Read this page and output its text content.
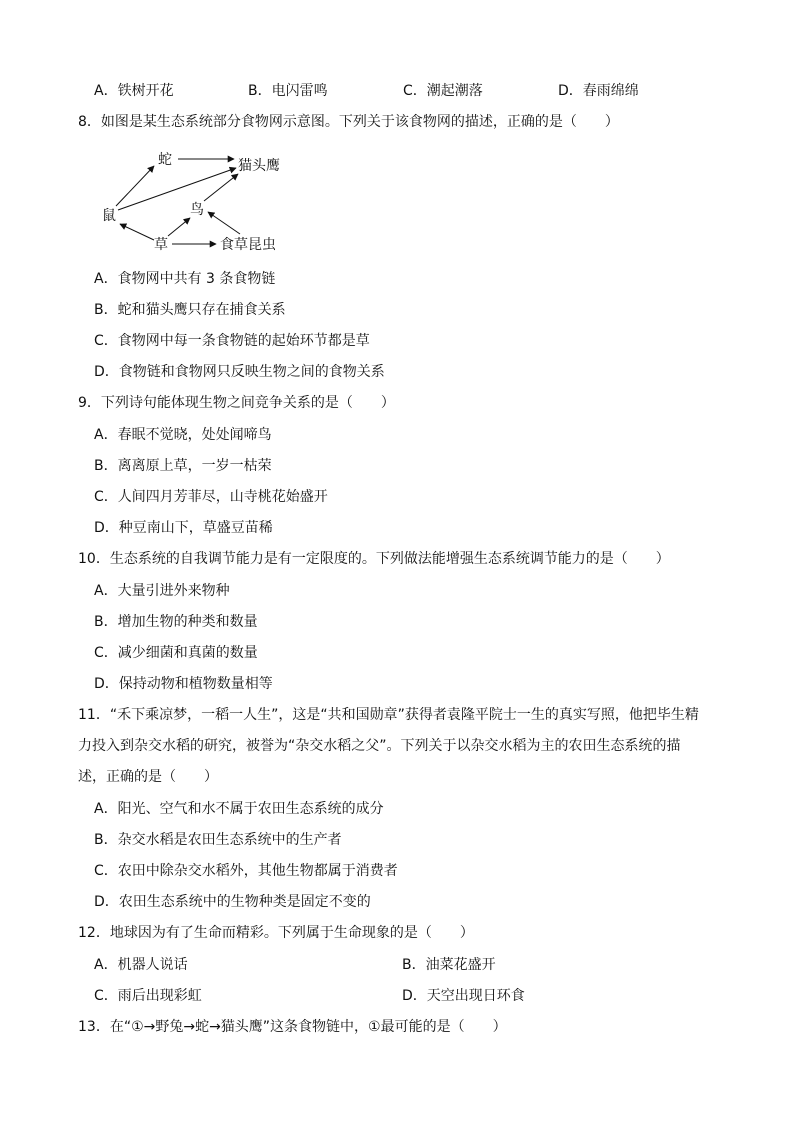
A．铁树开花	B．电闪雷鸣	C．潮起潮落	D．春雨绵绵
8．如图是某生态系统部分食物网示意图。下列关于该食物网的描述，正确的是（　　）
蛇	猫头鹰
鼠	鸟
草	食草昆虫
A．食物网中共有 3 条食物链
B．蛇和猫头鹰只存在捕食关系
C．食物网中每一条食物链的起始环节都是草
D．食物链和食物网只反映生物之间的食物关系
9．下列诗句能体现生物之间竞争关系的是（　　）
A．春眠不觉晓，处处闻啼鸟
B．离离原上草，一岁一枯荣
C．人间四月芳菲尽，山寺桃花始盛开
D．种豆南山下，草盛豆苗稀
10．生态系统的自我调节能力是有一定限度的。下列做法能增强生态系统调节能力的是（　　）
A．大量引进外来物种
B．增加生物的种类和数量
C．减少细菌和真菌的数量
D．保持动物和植物数量相等
11．“禾下乘凉梦，一稻一人生”，这是“共和国勋章”获得者袁隆平院士一生的真实写照，他把毕生精
力投入到杂交水稻的研究，被誉为“杂交水稻之父”。下列关于以杂交水稻为主的农田生态系统的描
述，正确的是（　　）
A．阳光、空气和水不属于农田生态系统的成分
B．杂交水稻是农田生态系统中的生产者
C．农田中除杂交水稻外，其他生物都属于消费者
D．农田生态系统中的生物种类是固定不变的
12．地球因为有了生命而精彩。下列属于生命现象的是（　　）
A．机器人说话	B．油菜花盛开
C．雨后出现彩虹	D．天空出现日环食
13．在“①→野兔→蛇→猫头鹰”这条食物链中，①最可能的是（　　）
